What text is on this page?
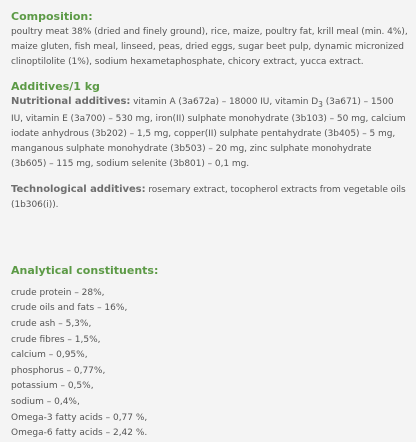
Composition:

poultry meat 38% (dried and finely ground), rice, maize, poultry fat, krill meal (min. 4%), maize gluten, fish meal, linseed, peas, dried eggs, sugar beet pulp, dynamic micronized clinoptilolite (1%), sodium hexametaphosphate, chicory extract, yucca extract.

Additives/1 kg

Nutritional additives: vitamin A (3a672a) – 18000 IU, vitamin $D_3$ (3a671) – 1500 IU, vitamin E (3a700) – 530 mg, iron(II) sulphate monohydrate (3b103) – 50 mg, calcium iodate anhydrous (3b202) – 1,5 mg, copper(II) sulphate pentahydrate (3b405) – 5 mg, manganous sulphate monohydrate (3b503) – 20 mg, zinc sulphate monohydrate (3b605) – 115 mg, sodium selenite (3b801) – 0,1 mg.

Technological additives: rosemary extract, tocopherol extracts from vegetable oils (1b306(i)).

Analytical constituents:

crude protein – 28%,

crude oils and fats – 16%,

crude ash – 5,3%,

crude fibres – 1,5%,

calcium – 0,95%,

phosphorus – 0,77%,

potassium – 0,5%,

sodium – 0,4%,

Omega-3 fatty acids – 0,77 %,

Omega-6 fatty acids – 2,42 %.
